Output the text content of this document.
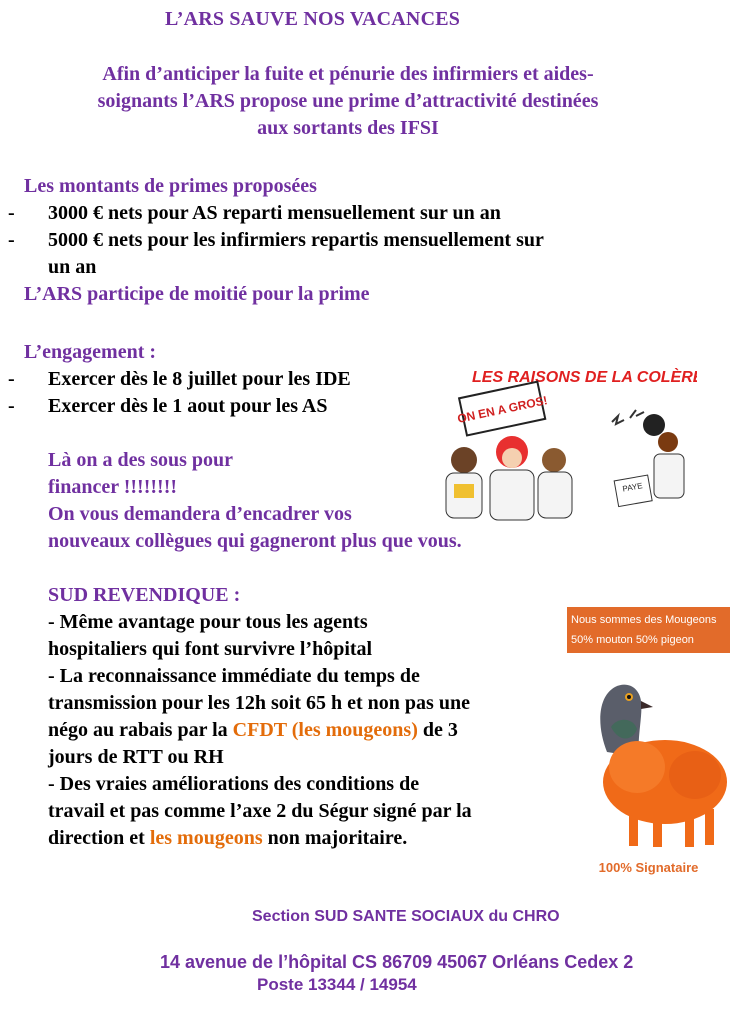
L’ARS SAUVE NOS VACANCES
Afin d’anticiper la fuite et pénurie des infirmiers et aides-
soignants l’ARS propose une prime d’attractivité destinées
aux sortants des IFSI
Les montants de primes proposées
- 3000 € nets pour AS reparti mensuellement sur un an
- 5000 € nets pour les infirmiers repartis mensuellement sur
un an
L’ARS participe de moitié pour la prime
L’engagement :
- Exercer dès le 8 juillet pour les IDE
- Exercer dès le 1 aout pour les AS
Là on a des sous pour
financer !!!!!!!!
On vous demandera d’encadrer vos
nouveaux collègues qui gagneront plus que vous.
LES RAISONS DE LA COLÈRE !
ON EN A GROS!
PAYE
SUD REVENDIQUE :
- Même avantage pour tous les agents
hospitaliers qui font survivre l’hôpital
- La reconnaissance immédiate du temps de
transmission pour les 12h soit 65 h et non pas une
négo au rabais par la CFDT (les mougeons) de 3
jours de RTT ou RH
- Des vraies améliorations des conditions de
travail et pas comme l’axe 2 du Ségur signé par la
direction et les mougeons non majoritaire.
Nous sommes des Mougeons
50% mouton 50% pigeon
100% Signataire
Section SUD SANTE SOCIAUX du CHRO
14 avenue de l’hôpital CS 86709 45067 Orléans Cedex 2
Poste 13344 / 14954
